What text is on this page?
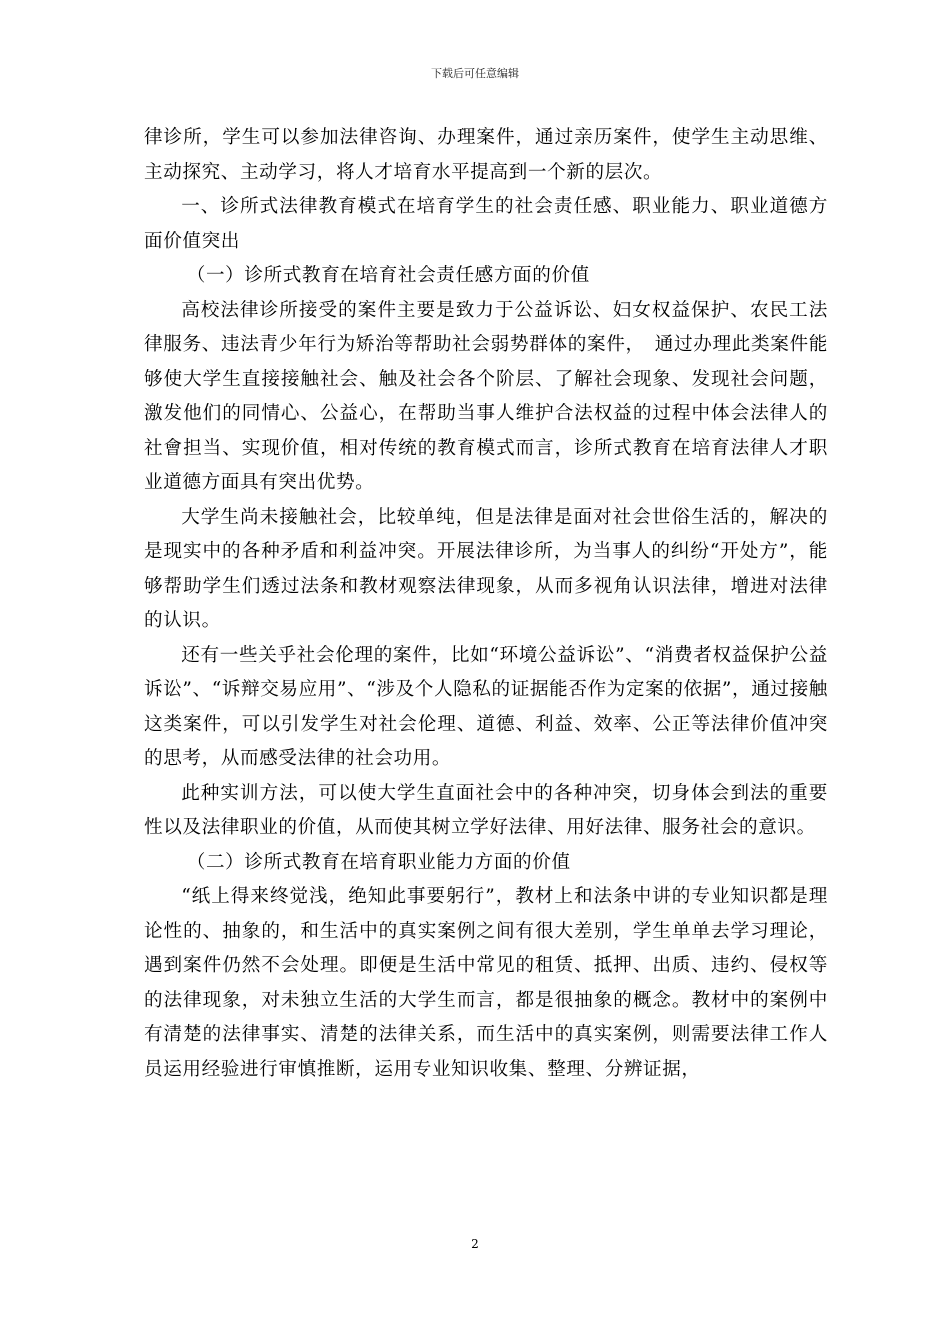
下载后可任意编辑

律诊所，学生可以参加法律咨询、办理案件，通过亲历案件，使学生主动思维、主动探究、主动学习，将人才培育水平提高到一个新的层次。

一、诊所式法律教育模式在培育学生的社会责任感、职业能力、职业道德方面价值突出

（一）诊所式教育在培育社会责任感方面的价值

高校法律诊所接受的案件主要是致力于公益诉讼、妇女权益保护、农民工法律服务、违法青少年行为矫治等帮助社会弱势群体的案件，　通过办理此类案件能够使大学生直接接触社会、触及社会各个阶层、了解社会现象、发现社会问题，激发他们的同情心、公益心，在帮助当事人维护合法权益的过程中体会法律人的社會担当、实现价值，相对传统的教育模式而言，诊所式教育在培育法律人才职业道德方面具有突出优势。

大学生尚未接触社会，比较单纯，但是法律是面对社会世俗生活的，解决的是现实中的各种矛盾和利益冲突。开展法律诊所，为当事人的纠纷“开处方”，能够帮助学生们透过法条和教材观察法律现象，从而多视角认识法律，增进对法律的认识。

还有一些关乎社会伦理的案件，比如“环境公益诉讼”、“消费者权益保护公益诉讼”、“诉辩交易应用”、“涉及个人隐私的证据能否作为定案的依据”，通过接触这类案件，可以引发学生对社会伦理、道德、利益、效率、公正等法律价值冲突的思考，从而感受法律的社会功用。

此种实训方法，可以使大学生直面社会中的各种冲突，切身体会到法的重要性以及法律职业的价值，从而使其树立学好法律、用好法律、服务社会的意识。

（二）诊所式教育在培育职业能力方面的价值

“纸上得来终觉浅，绝知此事要躬行”，教材上和法条中讲的专业知识都是理论性的、抽象的，和生活中的真实案例之间有很大差别，学生单单去学习理论，遇到案件仍然不会处理。即便是生活中常见的租赁、抵押、出质、违约、侵权等的法律现象，对未独立生活的大学生而言，都是很抽象的概念。教材中的案例中有清楚的法律事实、清楚的法律关系，而生活中的真实案例，则需要法律工作人员运用经验进行审慎推断，运用专业知识收集、整理、分辨证据，

2
